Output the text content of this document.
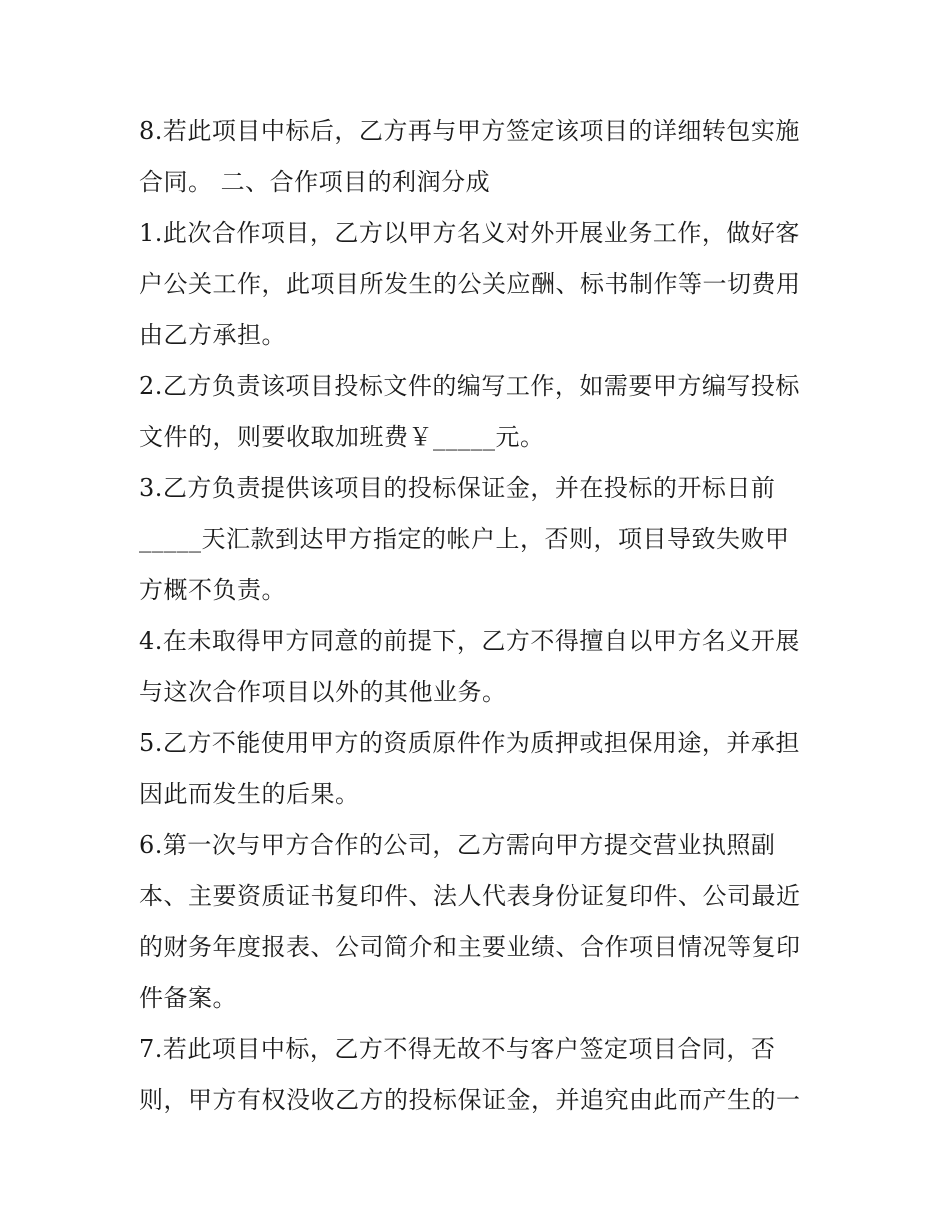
8.若此项目中标后，乙方再与甲方签定该项目的详细转包实施
合同。 二、合作项目的利润分成
1.此次合作项目，乙方以甲方名义对外开展业务工作，做好客
户公关工作，此项目所发生的公关应酬、标书制作等一切费用
由乙方承担。
2.乙方负责该项目投标文件的编写工作，如需要甲方编写投标
文件的，则要收取加班费￥_____元。
3.乙方负责提供该项目的投标保证金，并在投标的开标日前
_____天汇款到达甲方指定的帐户上，否则，项目导致失败甲
方概不负责。
4.在未取得甲方同意的前提下，乙方不得擅自以甲方名义开展
与这次合作项目以外的其他业务。
5.乙方不能使用甲方的资质原件作为质押或担保用途，并承担
因此而发生的后果。
6.第一次与甲方合作的公司，乙方需向甲方提交营业执照副
本、主要资质证书复印件、法人代表身份证复印件、公司最近
的财务年度报表、公司简介和主要业绩、合作项目情况等复印
件备案。
7.若此项目中标，乙方不得无故不与客户签定项目合同，否
则，甲方有权没收乙方的投标保证金，并追究由此而产生的一
